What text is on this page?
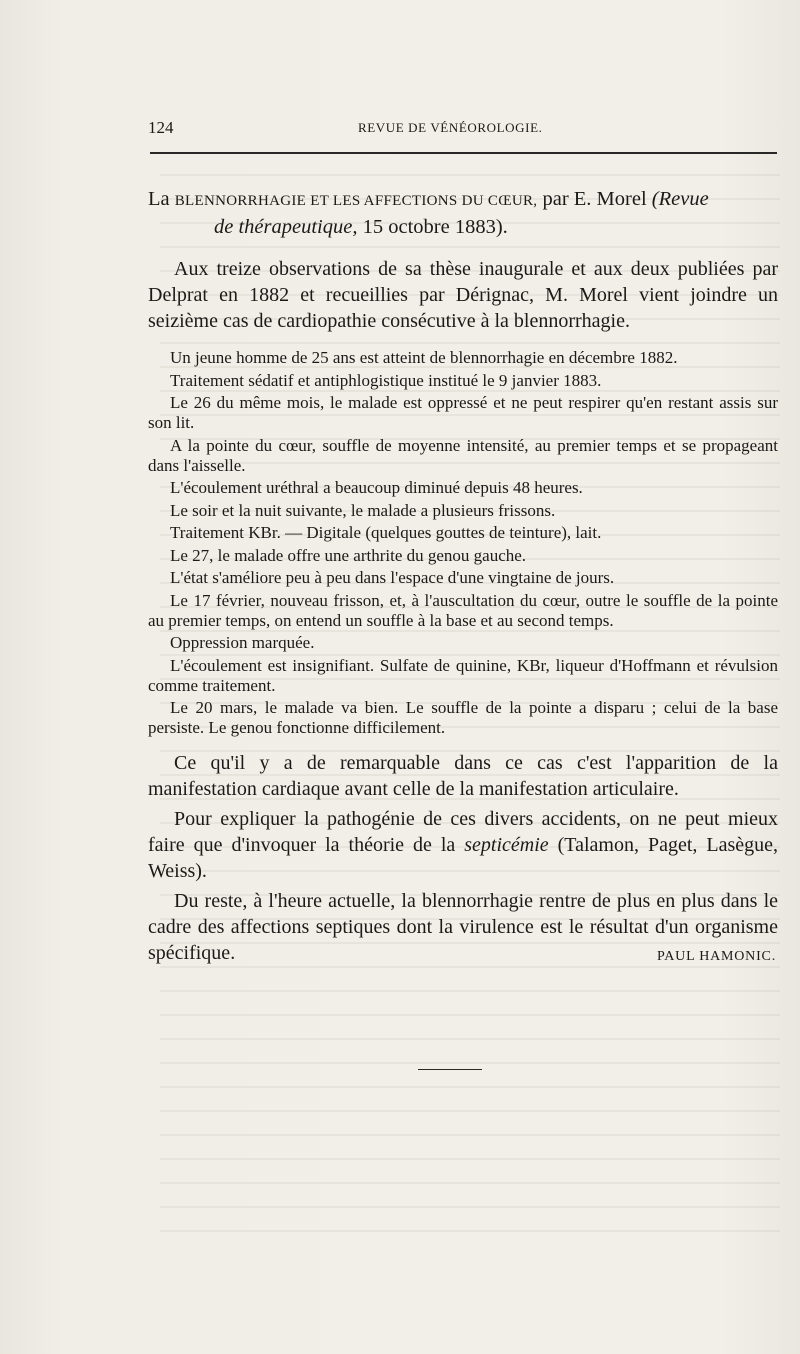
124	REVUE DE VÉNÉOROLOGIE.
La BLENNORRHAGIE ET LES AFFECTIONS DU CŒUR, par E. Morel (Revue
de thérapeutique, 15 octobre 1883).

Aux treize observations de sa thèse inaugurale et aux deux publiées par Delprat en 1882 et recueillies par Dérignac, M. Morel vient joindre un seizième cas de cardiopathie consécutive à la blennorrhagie.

Un jeune homme de 25 ans est atteint de blennorrhagie en décembre 1882.

Traitement sédatif et antiphlogistique institué le 9 janvier 1883.

Le 26 du même mois, le malade est oppressé et ne peut respirer qu'en restant assis sur son lit.

A la pointe du cœur, souffle de moyenne intensité, au premier temps et se propageant dans l'aisselle.

L'écoulement uréthral a beaucoup diminué depuis 48 heures.

Le soir et la nuit suivante, le malade a plusieurs frissons.

Traitement KBr. — Digitale (quelques gouttes de teinture), lait.

Le 27, le malade offre une arthrite du genou gauche.

L'état s'améliore peu à peu dans l'espace d'une vingtaine de jours.

Le 17 février, nouveau frisson, et, à l'auscultation du cœur, outre le souffle de la pointe au premier temps, on entend un souffle à la base et au second temps.

Oppression marquée.

L'écoulement est insignifiant. Sulfate de quinine, KBr, liqueur d'Hoffmann et révulsion comme traitement.

Le 20 mars, le malade va bien. Le souffle de la pointe a disparu ; celui de la base persiste. Le genou fonctionne difficilement.

Ce qu'il y a de remarquable dans ce cas c'est l'apparition de la manifestation cardiaque avant celle de la manifestation articulaire.

Pour expliquer la pathogénie de ces divers accidents, on ne peut mieux faire que d'invoquer la théorie de la septicémie (Talamon, Paget, Lasègue, Weiss).

Du reste, à l'heure actuelle, la blennorrhagie rentre de plus en plus dans le cadre des affections septiques dont la virulence est le résultat d'un organisme spécifique.	PAUL HAMONIC.
